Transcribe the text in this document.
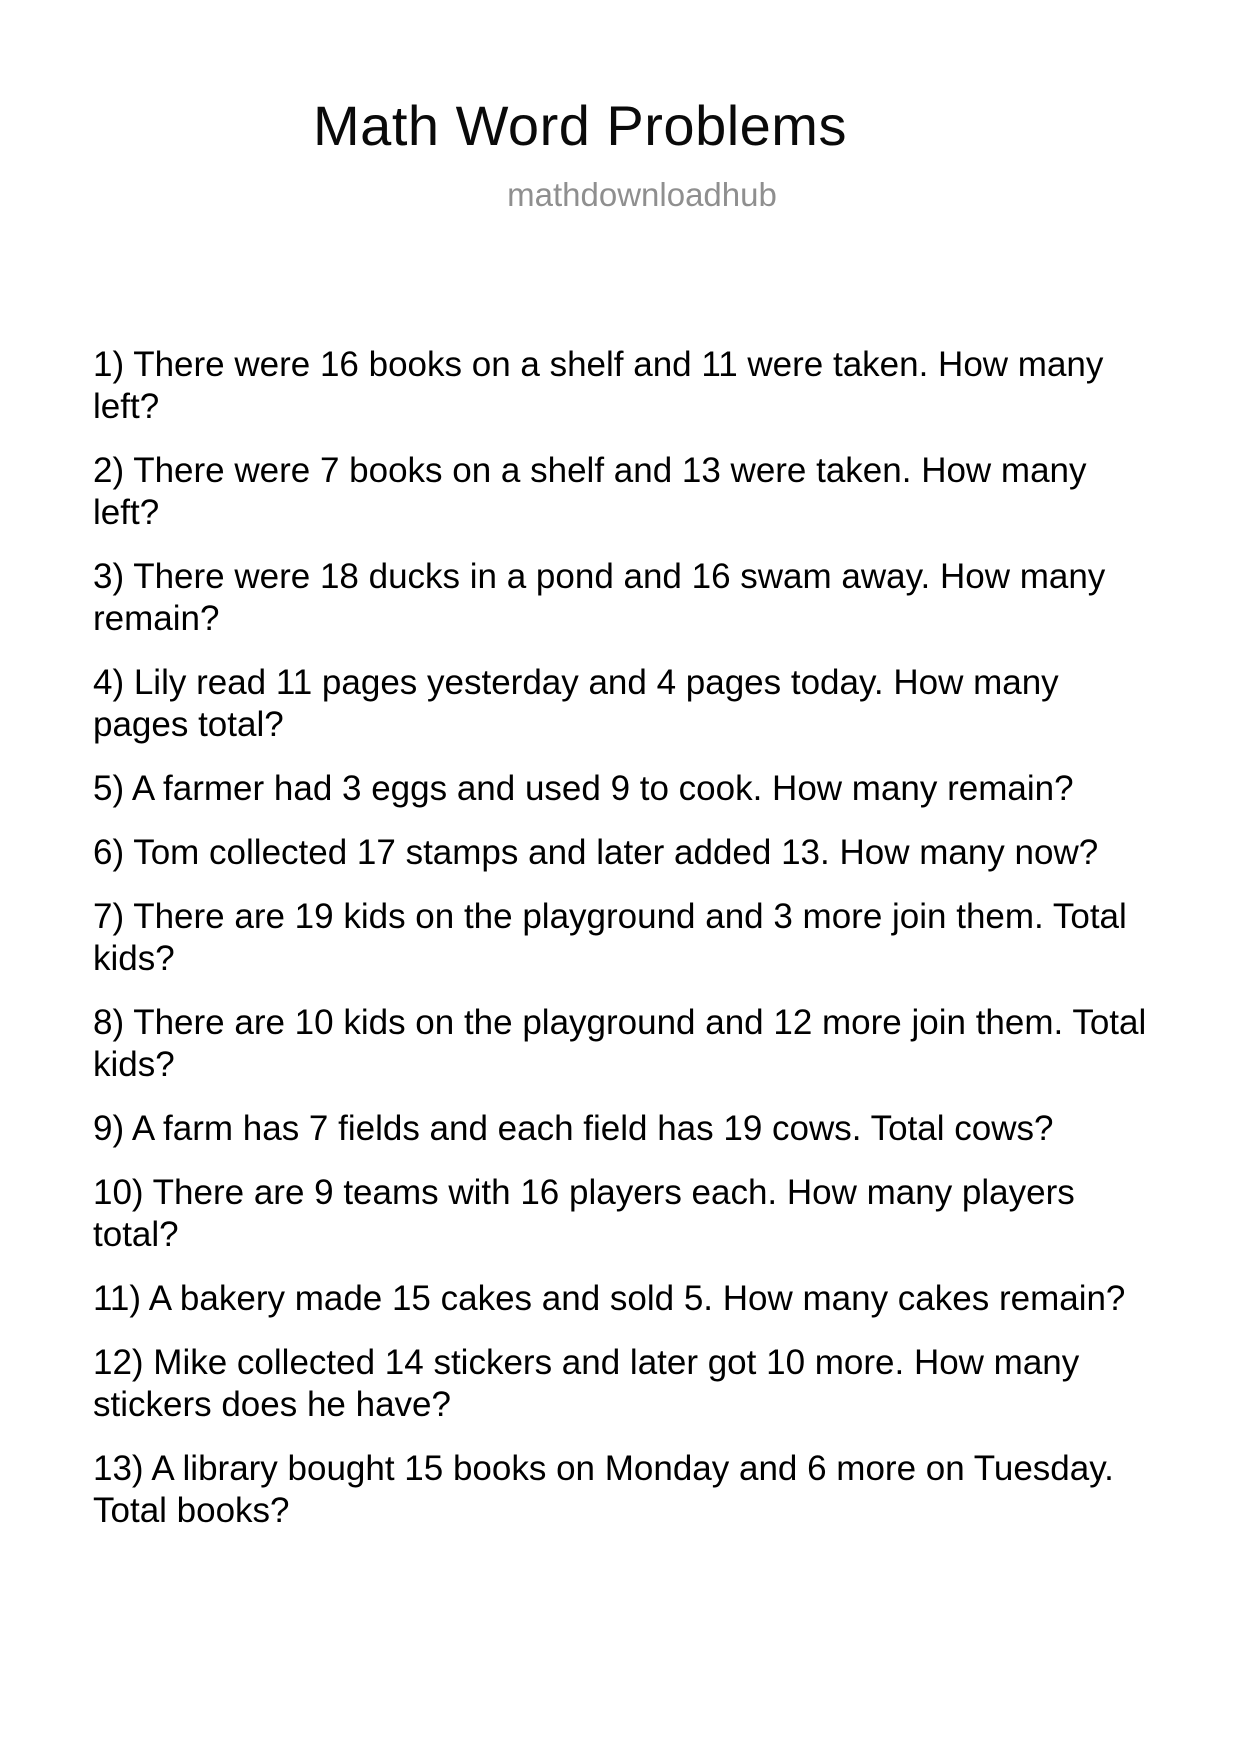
Math Word Problems
mathdownloadhub

1) There were 16 books on a shelf and 11 were taken. How many left?

2) There were 7 books on a shelf and 13 were taken. How many left?

3) There were 18 ducks in a pond and 16 swam away. How many remain?

4) Lily read 11 pages yesterday and 4 pages today. How many pages total?

5) A farmer had 3 eggs and used 9 to cook. How many remain?

6) Tom collected 17 stamps and later added 13. How many now?

7) There are 19 kids on the playground and 3 more join them. Total kids?

8) There are 10 kids on the playground and 12 more join them. Total kids?

9) A farm has 7 fields and each field has 19 cows. Total cows?

10) There are 9 teams with 16 players each. How many players total?

11) A bakery made 15 cakes and sold 5. How many cakes remain?

12) Mike collected 14 stickers and later got 10 more. How many stickers does he have?

13) A library bought 15 books on Monday and 6 more on Tuesday. Total books?
